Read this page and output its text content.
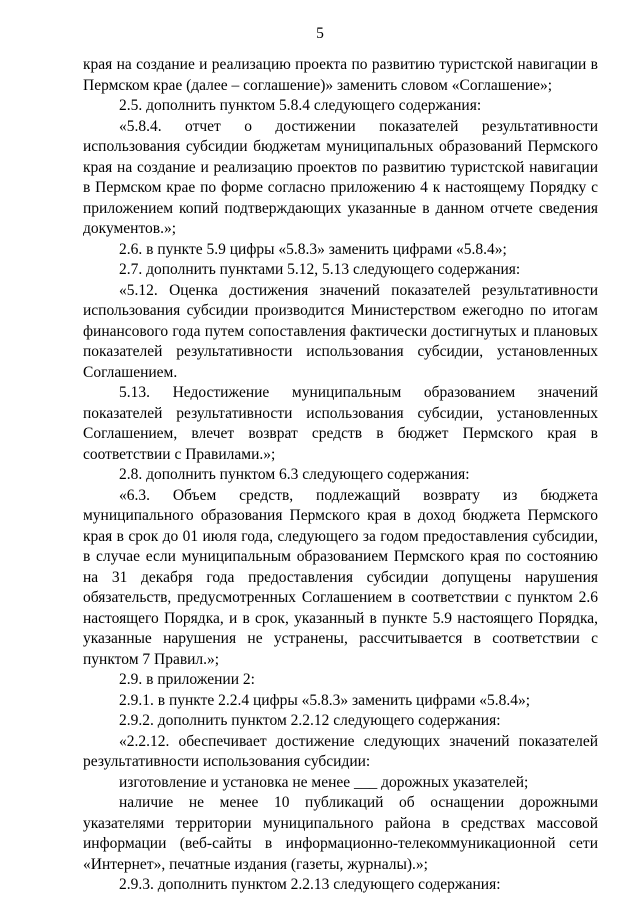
5

края на создание и реализацию проекта по развитию туристской навигации в Пермском крае (далее – соглашение)» заменить словом «Соглашение»;

2.5. дополнить пунктом 5.8.4 следующего содержания:

«5.8.4. отчет о достижении показателей результативности использования субсидии бюджетам муниципальных образований Пермского края на создание и реализацию проектов по развитию туристской навигации в Пермском крае по форме согласно приложению 4 к настоящему Порядку с приложением копий подтверждающих указанные в данном отчете сведения документов.»;

2.6. в пункте 5.9 цифры «5.8.3» заменить цифрами «5.8.4»;

2.7. дополнить пунктами 5.12, 5.13 следующего содержания:

«5.12. Оценка достижения значений показателей результативности использования субсидии производится Министерством ежегодно по итогам финансового года путем сопоставления фактически достигнутых и плановых показателей результативности использования субсидии, установленных Соглашением.

5.13. Недостижение муниципальным образованием значений показателей результативности использования субсидии, установленных Соглашением, влечет возврат средств в бюджет Пермского края в соответствии с Правилами.»;

2.8. дополнить пунктом 6.3 следующего содержания:

«6.3. Объем средств, подлежащий возврату из бюджета муниципального образования Пермского края в доход бюджета Пермского края в срок до 01 июля года, следующего за годом предоставления субсидии, в случае если муниципальным образованием Пермского края по состоянию на 31 декабря года предоставления субсидии допущены нарушения обязательств, предусмотренных Соглашением в соответствии с пунктом 2.6 настоящего Порядка, и в срок, указанный в пункте 5.9 настоящего Порядка, указанные нарушения не устранены, рассчитывается в соответствии с пунктом 7 Правил.»;

2.9. в приложении 2:

2.9.1. в пункте 2.2.4 цифры «5.8.3» заменить цифрами «5.8.4»;

2.9.2. дополнить пунктом 2.2.12 следующего содержания:

«2.2.12. обеспечивает достижение следующих значений показателей результативности использования субсидии:

изготовление и установка не менее ___ дорожных указателей;

наличие не менее 10 публикаций об оснащении дорожными указателями территории муниципального района в средствах массовой информации (веб-сайты в информационно-телекоммуникационной сети «Интернет», печатные издания (газеты, журналы).»;

2.9.3. дополнить пунктом 2.2.13 следующего содержания:
